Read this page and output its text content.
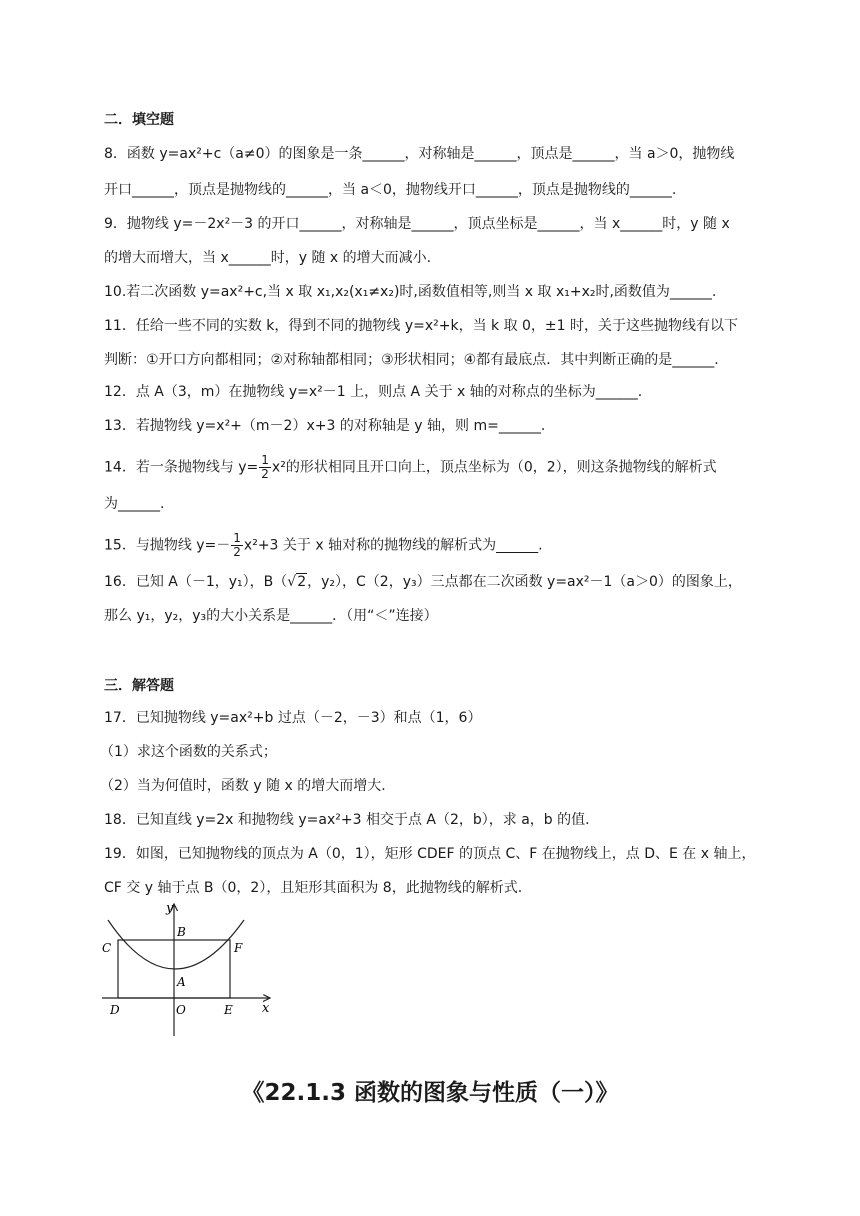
二．填空题
8．函数 y=ax²+c（a≠0）的图象是一条______，对称轴是______，顶点是______，当 a＞0，抛物线
开口______，顶点是抛物线的______，当 a＜0，抛物线开口______，顶点是抛物线的______.
9．抛物线 y=－2x²－3 的开口______，对称轴是______，顶点坐标是______，当 x______时，y 随 x
的增大而增大，当 x______时，y 随 x 的增大而减小.
10.若二次函数 y=ax²+c,当 x 取 x₁,x₂(x₁≠x₂)时,函数值相等,则当 x 取 x₁+x₂时,函数值为______.
11．任给一些不同的实数 k，得到不同的抛物线 y=x²+k，当 k 取 0，±1 时，关于这些抛物线有以下
判断：①开口方向都相同；②对称轴都相同；③形状相同；④都有最底点．其中判断正确的是______.
12．点 A（3，m）在抛物线 y=x²－1 上，则点 A 关于 x 轴的对称点的坐标为______.
13．若抛物线 y=x²+（m－2）x+3 的对称轴是 y 轴，则 m=______.
14．若一条抛物线与 $y= \frac{1}{2} x^2$的形状相同且开口向上，顶点坐标为（0，2），则这条抛物线的解析式
为______.
15．与抛物线 $y=- \frac{1}{2} x^2+3$ 关于 x 轴对称的抛物线的解析式为______.
16．已知 A（－1，y₁），B（√2，y₂），C（2，y₃）三点都在二次函数 y=ax²－1（a＞0）的图象上，
那么 y₁，y₂，y₃的大小关系是______．（用“＜”连接）
三．解答题
17．已知抛物线 y=ax²+b 过点（－2，－3）和点（1，6）
（1）求这个函数的关系式；
（2）当为何值时，函数 y 随 x 的增大而增大.
18．已知直线 y=2x 和抛物线 y=ax²+3 相交于点 A（2，b），求 a，b 的值.
19．如图，已知抛物线的顶点为 A（0，1），矩形 CDEF 的顶点 C、F 在抛物线上，点 D、E 在 x 轴上，
CF 交 y 轴于点 B（0，2），且矩形其面积为 8，此抛物线的解析式.
y
x
B
C	F
A
D	O	E
《22.1.3 函数的图象与性质（一）》
